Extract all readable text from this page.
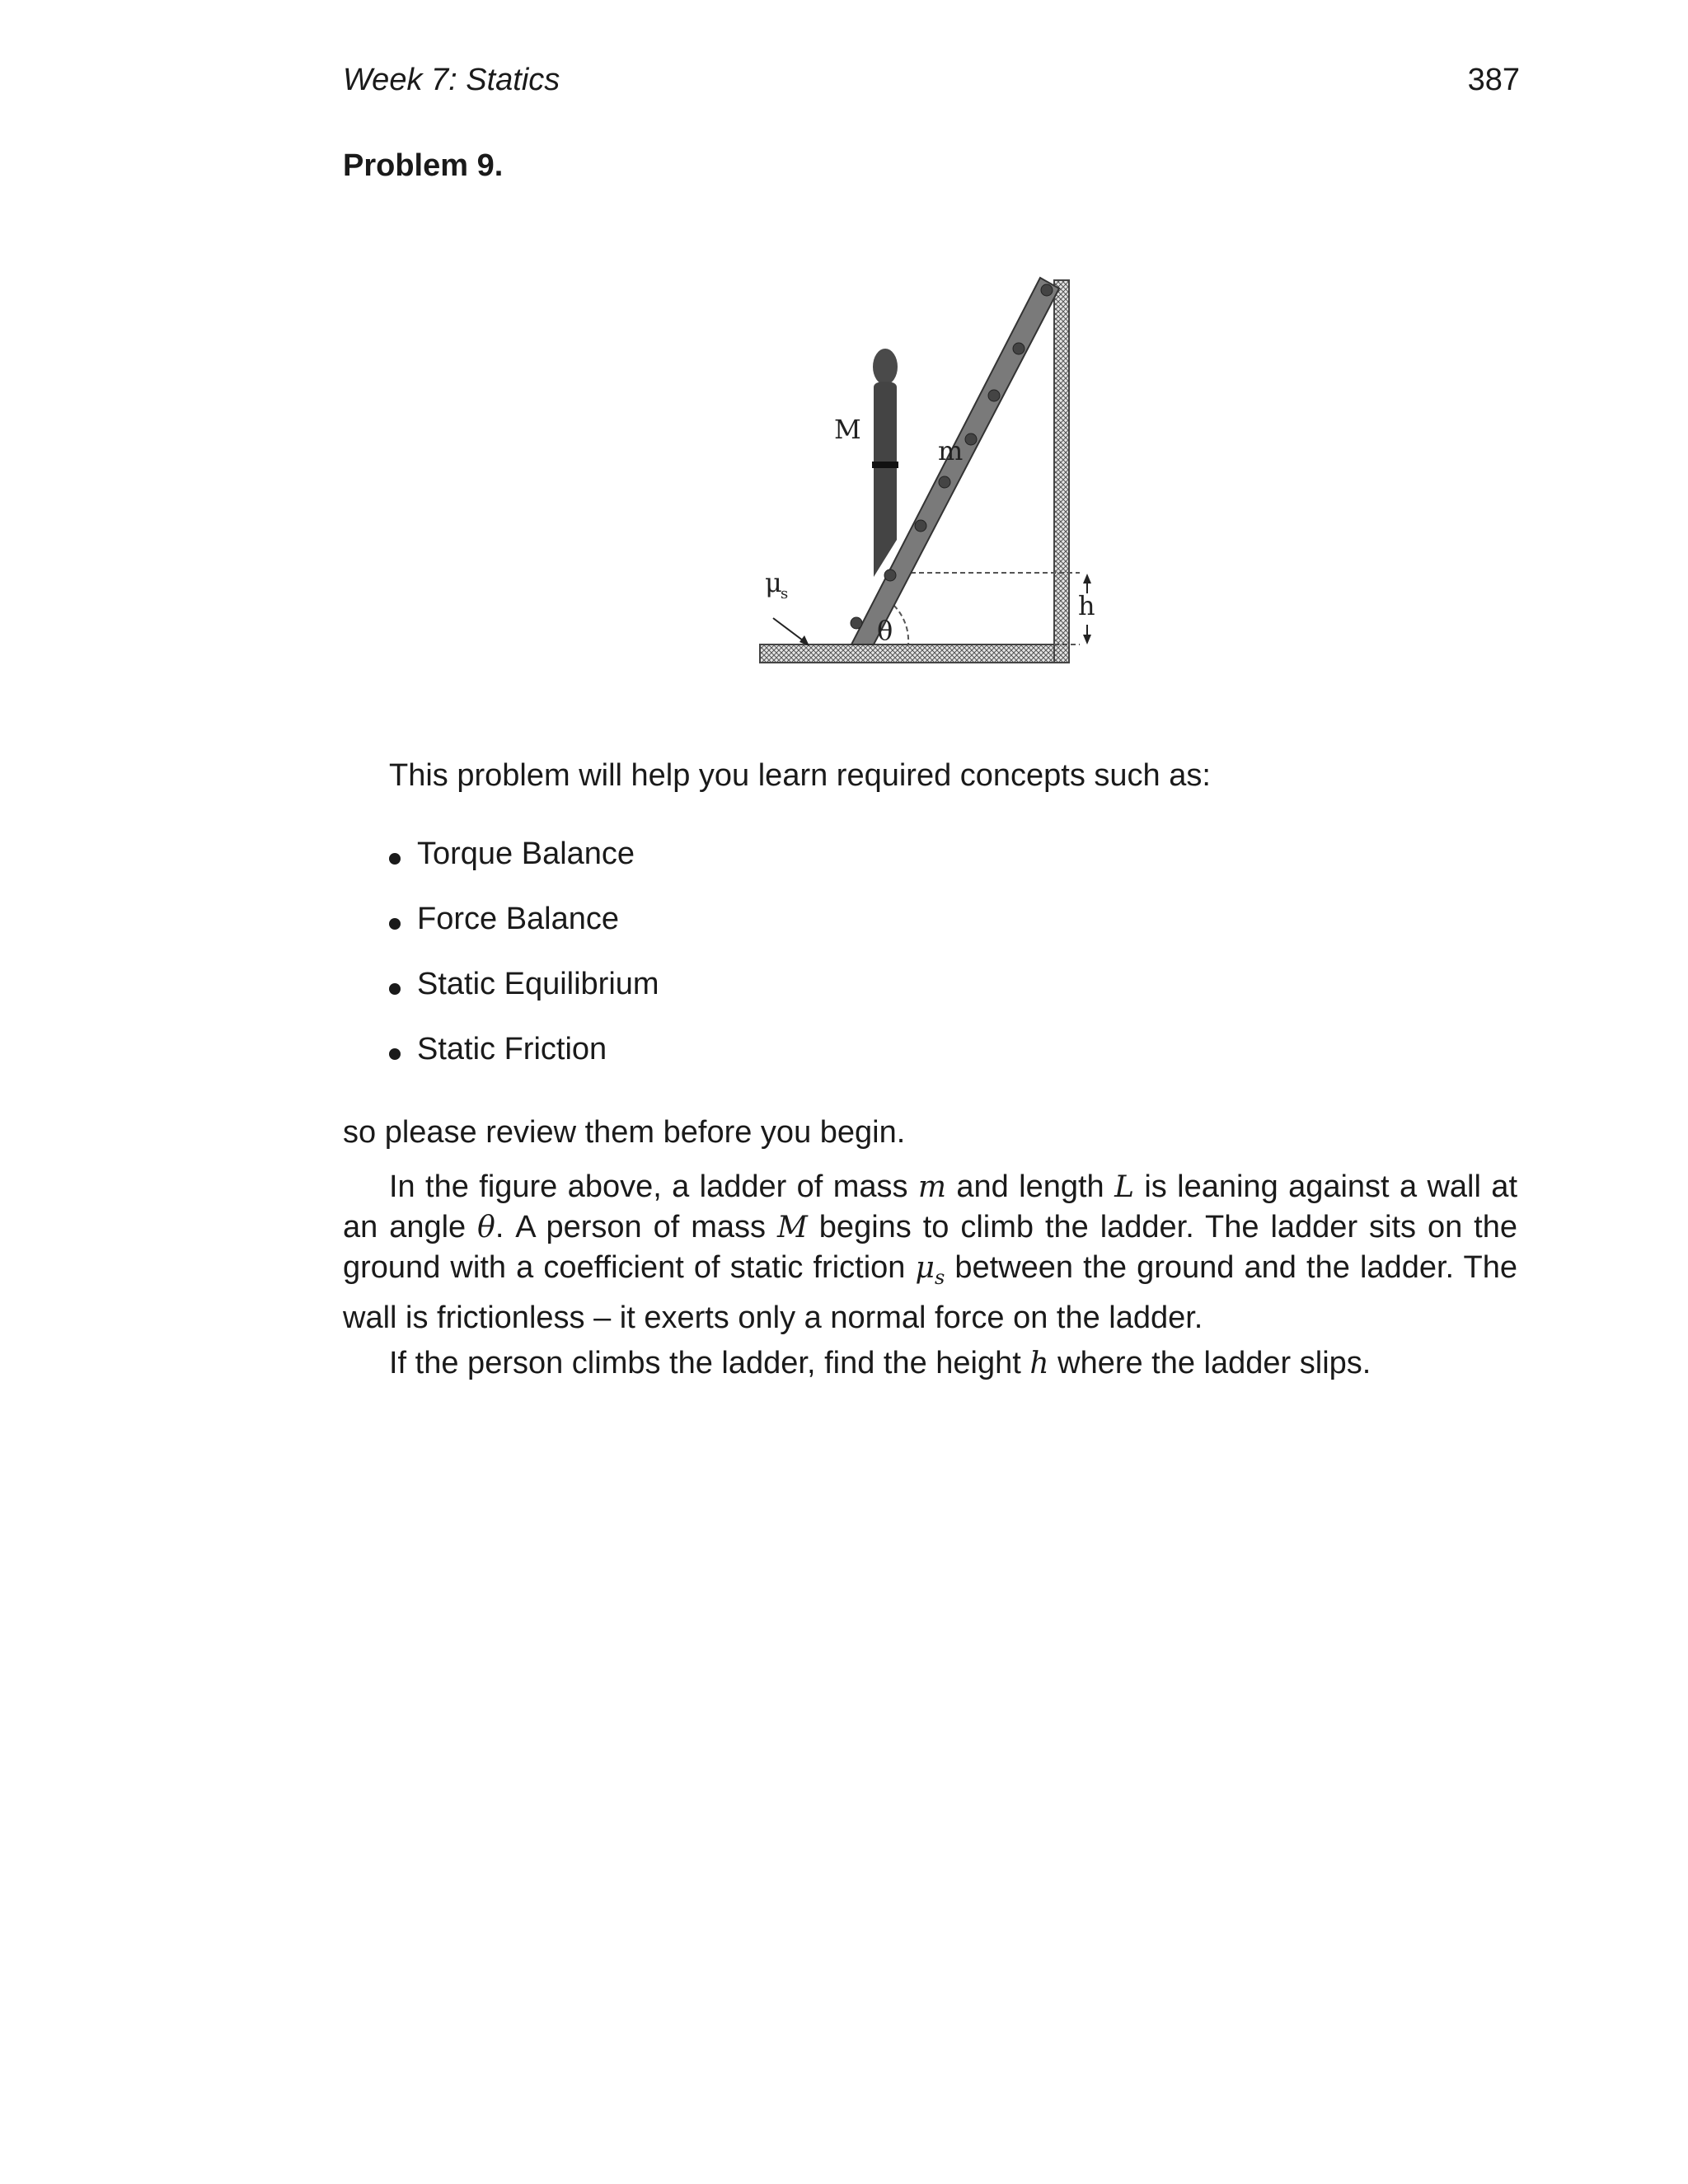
Week 7: Statics	387
Problem 9.
M
m
μ
s
θ
h
This problem will help you learn required concepts such as:
Torque Balance
Force Balance
Static Equilibrium
Static Friction

so please review them before you begin.

In the figure above, a ladder of mass m and length L is leaning against a wall at an angle θ. A person of mass M begins to climb the ladder. The ladder sits on the ground with a coefficient of static friction $\mu_s$ between the ground and the ladder. The wall is frictionless – it exerts only a normal force on the ladder.

If the person climbs the ladder, find the height h where the ladder slips.
